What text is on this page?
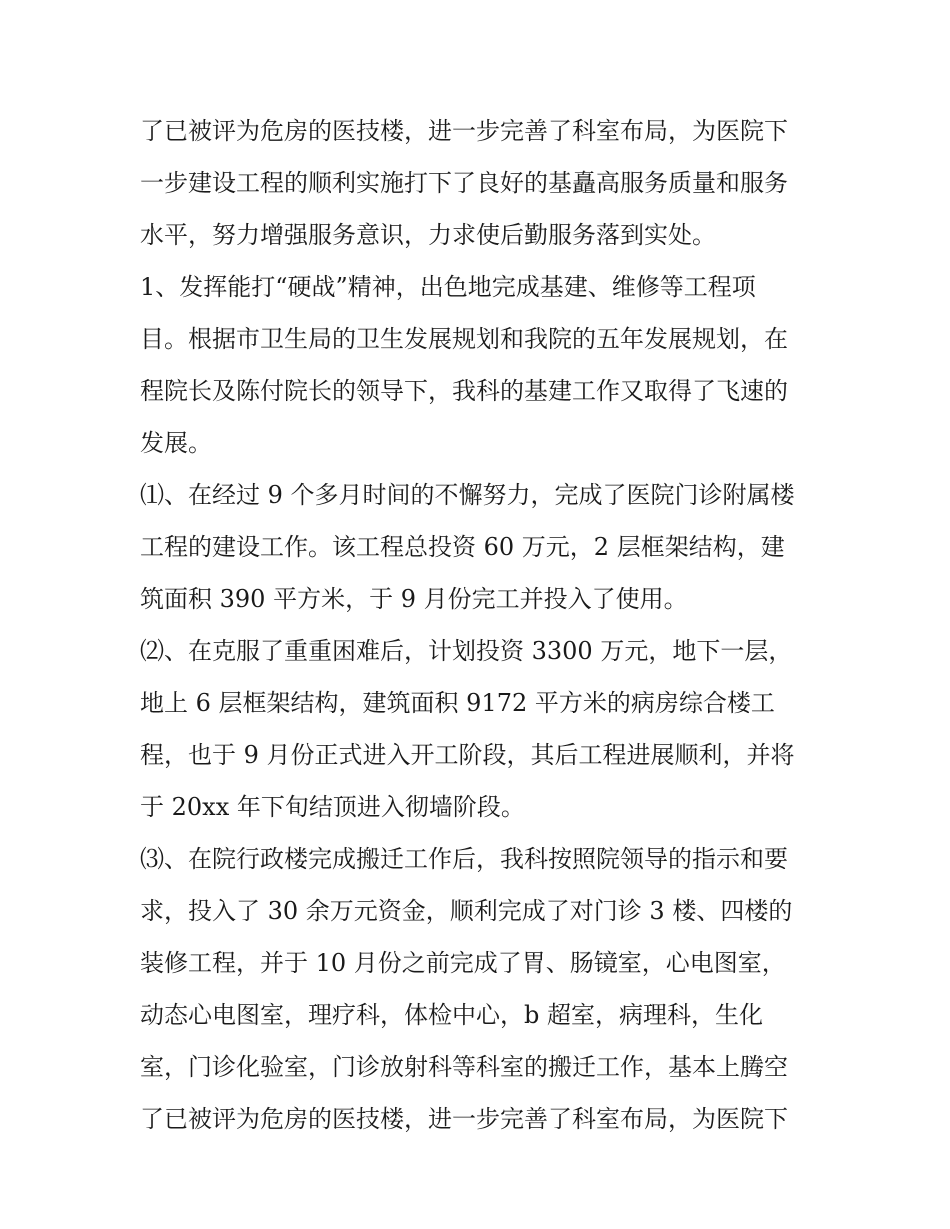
了已被评为危房的医技楼，进一步完善了科室布局，为医院下
一步建设工程的顺利实施打下了良好的基矗高服务质量和服务
水平，努力增强服务意识，力求使后勤服务落到实处。
1、发挥能打“硬战”精神，出色地完成基建、维修等工程项
目。根据市卫生局的卫生发展规划和我院的五年发展规划，在
程院长及陈付院长的领导下，我科的基建工作又取得了飞速的
发展。
⑴、在经过 9 个多月时间的不懈努力，完成了医院门诊附属楼
工程的建设工作。该工程总投资 60 万元，2 层框架结构，建
筑面积 390 平方米，于 9 月份完工并投入了使用。
⑵、在克服了重重困难后，计划投资 3300 万元，地下一层，
地上 6 层框架结构，建筑面积 9172 平方米的病房综合楼工
程，也于 9 月份正式进入开工阶段，其后工程进展顺利，并将
于 20xx 年下旬结顶进入彻墙阶段。
⑶、在院行政楼完成搬迁工作后，我科按照院领导的指示和要
求，投入了 30 余万元资金，顺利完成了对门诊 3 楼、四楼的
装修工程，并于 10 月份之前完成了胃、肠镜室，心电图室，
动态心电图室，理疗科，体检中心，b 超室，病理科，生化
室，门诊化验室，门诊放射科等科室的搬迁工作，基本上腾空
了已被评为危房的医技楼，进一步完善了科室布局，为医院下
